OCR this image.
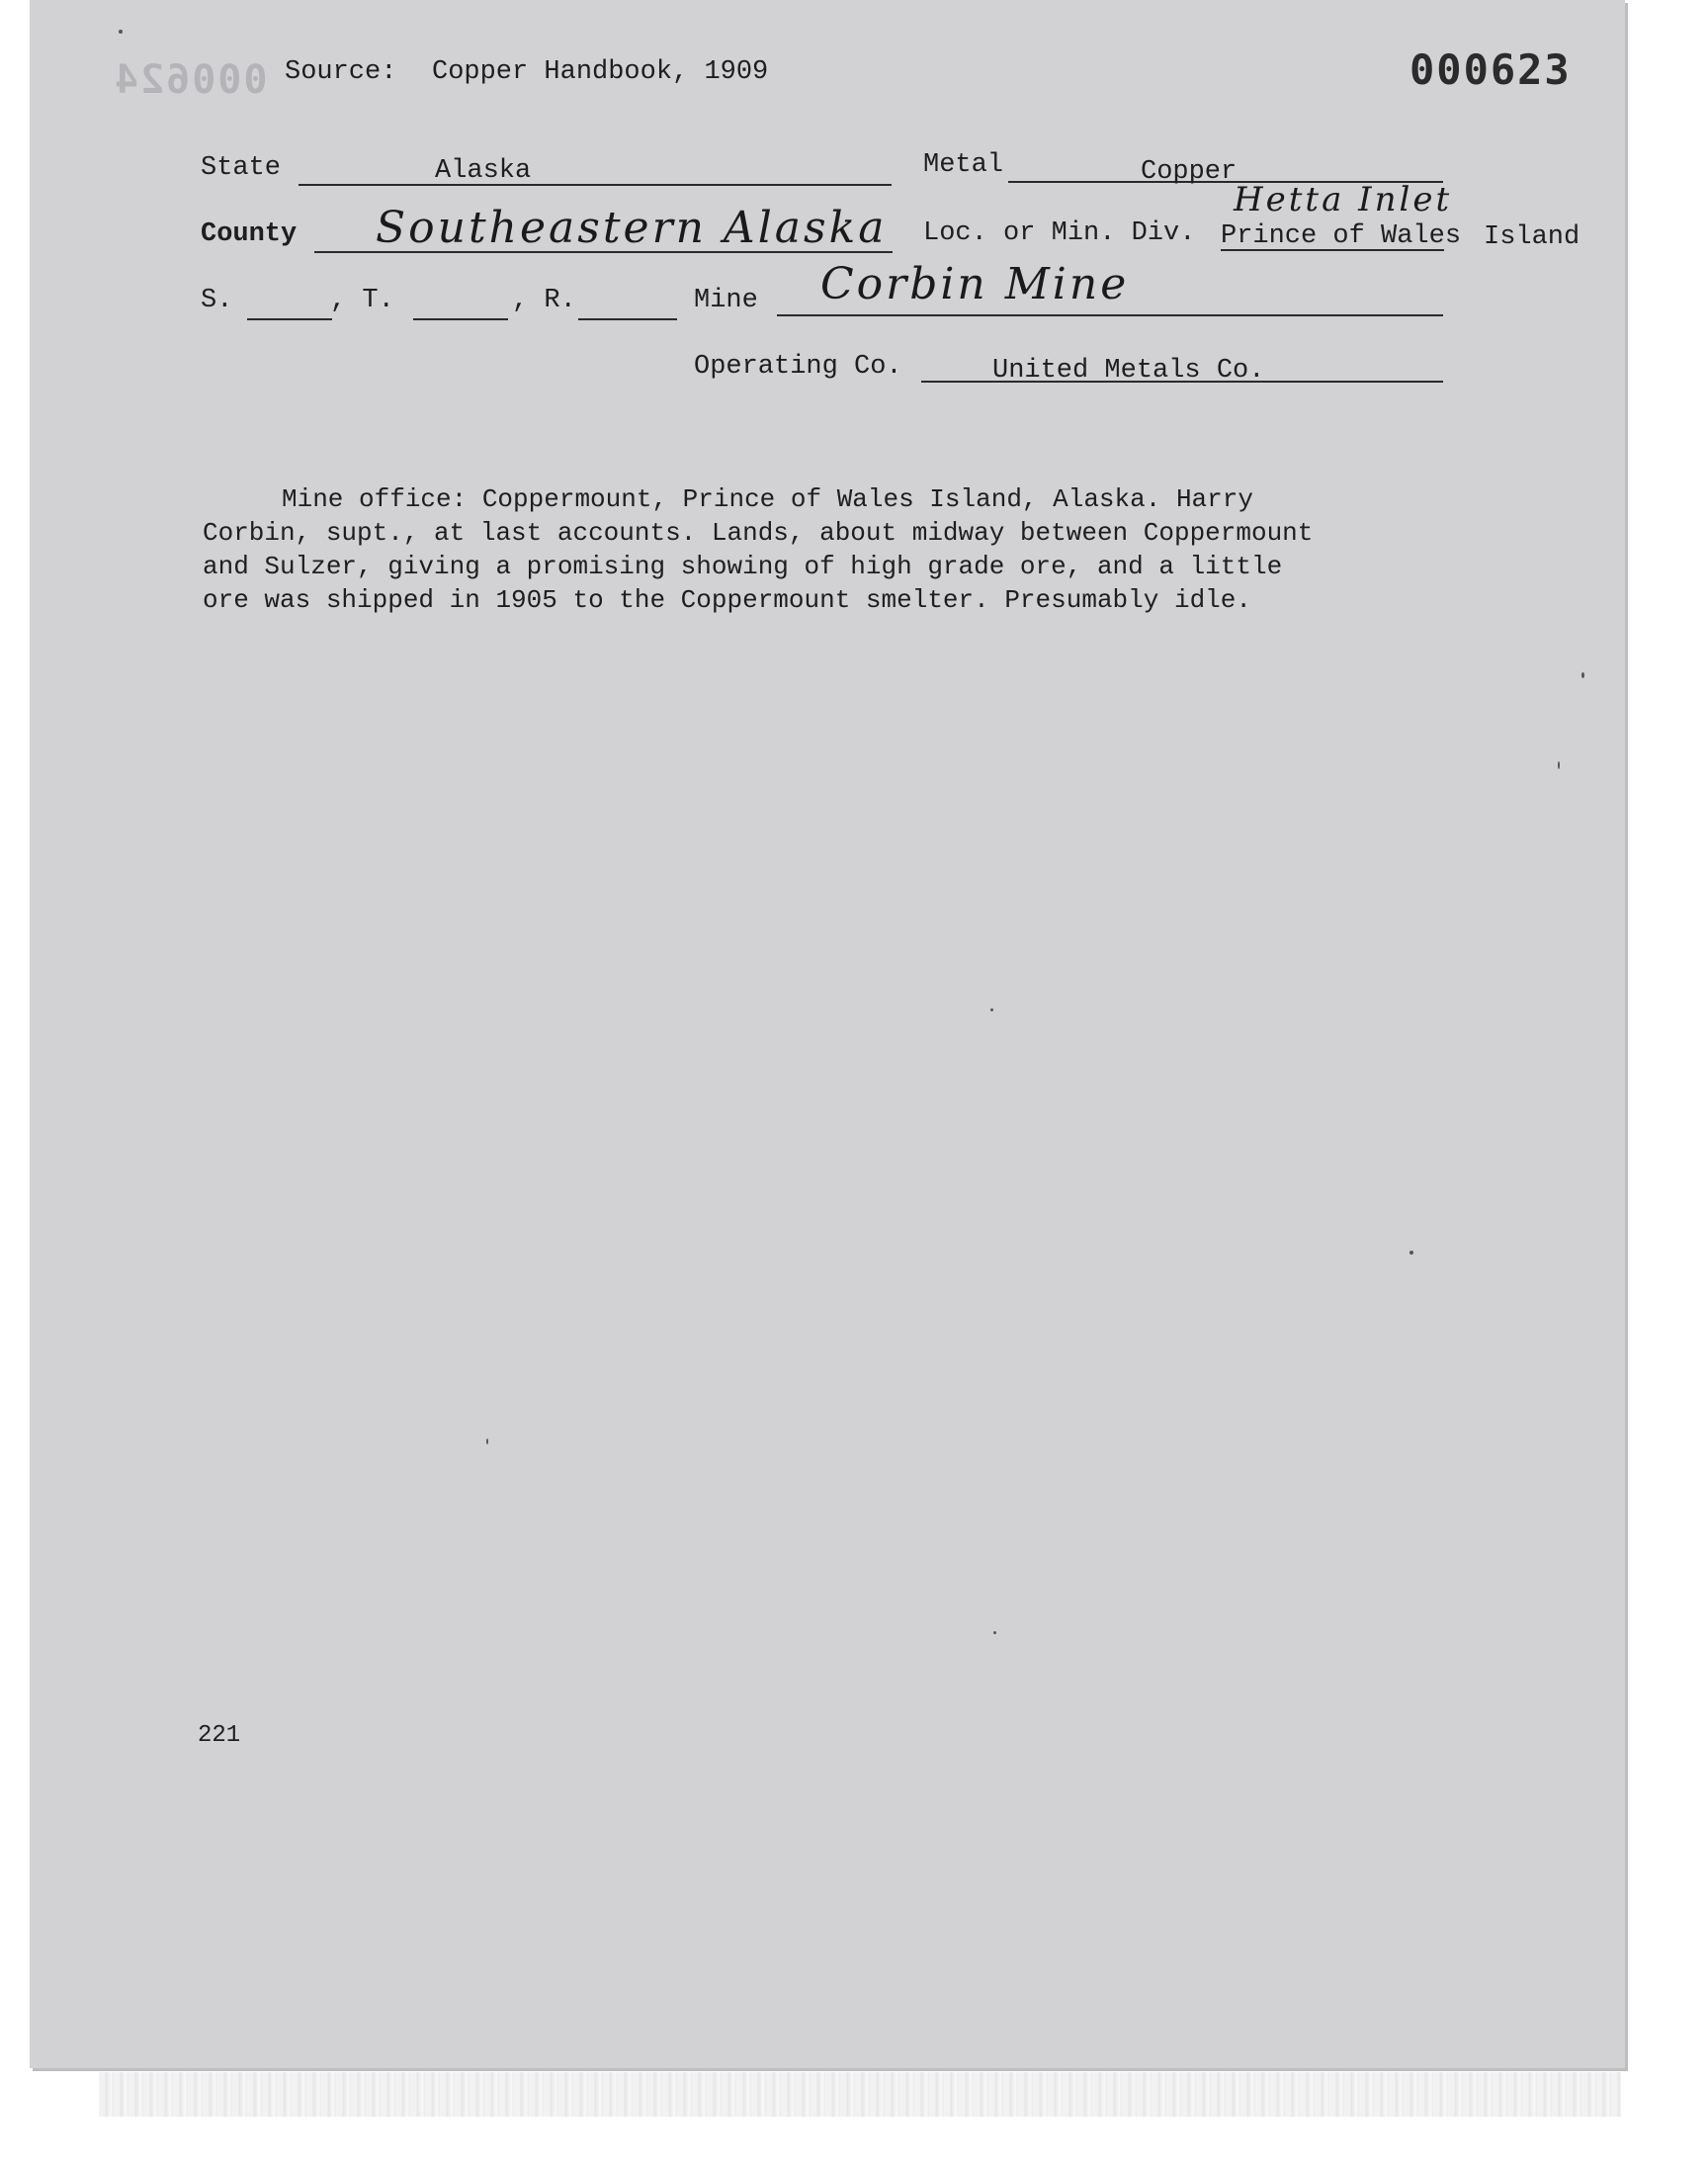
000624 Source: Copper Handbook, 1909	000623
State	Alaska	Metal	Copper
County Southeastern Alaska Loc. or Min. Div.
Hetta Inlet
Prince of Wales Island
S.	, T.	, R.	Mine Corbin Mine
Operating Co.	United Metals Co.
Mine office: Coppermount, Prince of Wales Island, Alaska. Harry
Corbin, supt., at last accounts. Lands, about midway between Coppermount
and Sulzer, giving a promising showing of high grade ore, and a little
ore was shipped in 1905 to the Coppermount smelter. Presumably idle.
221
